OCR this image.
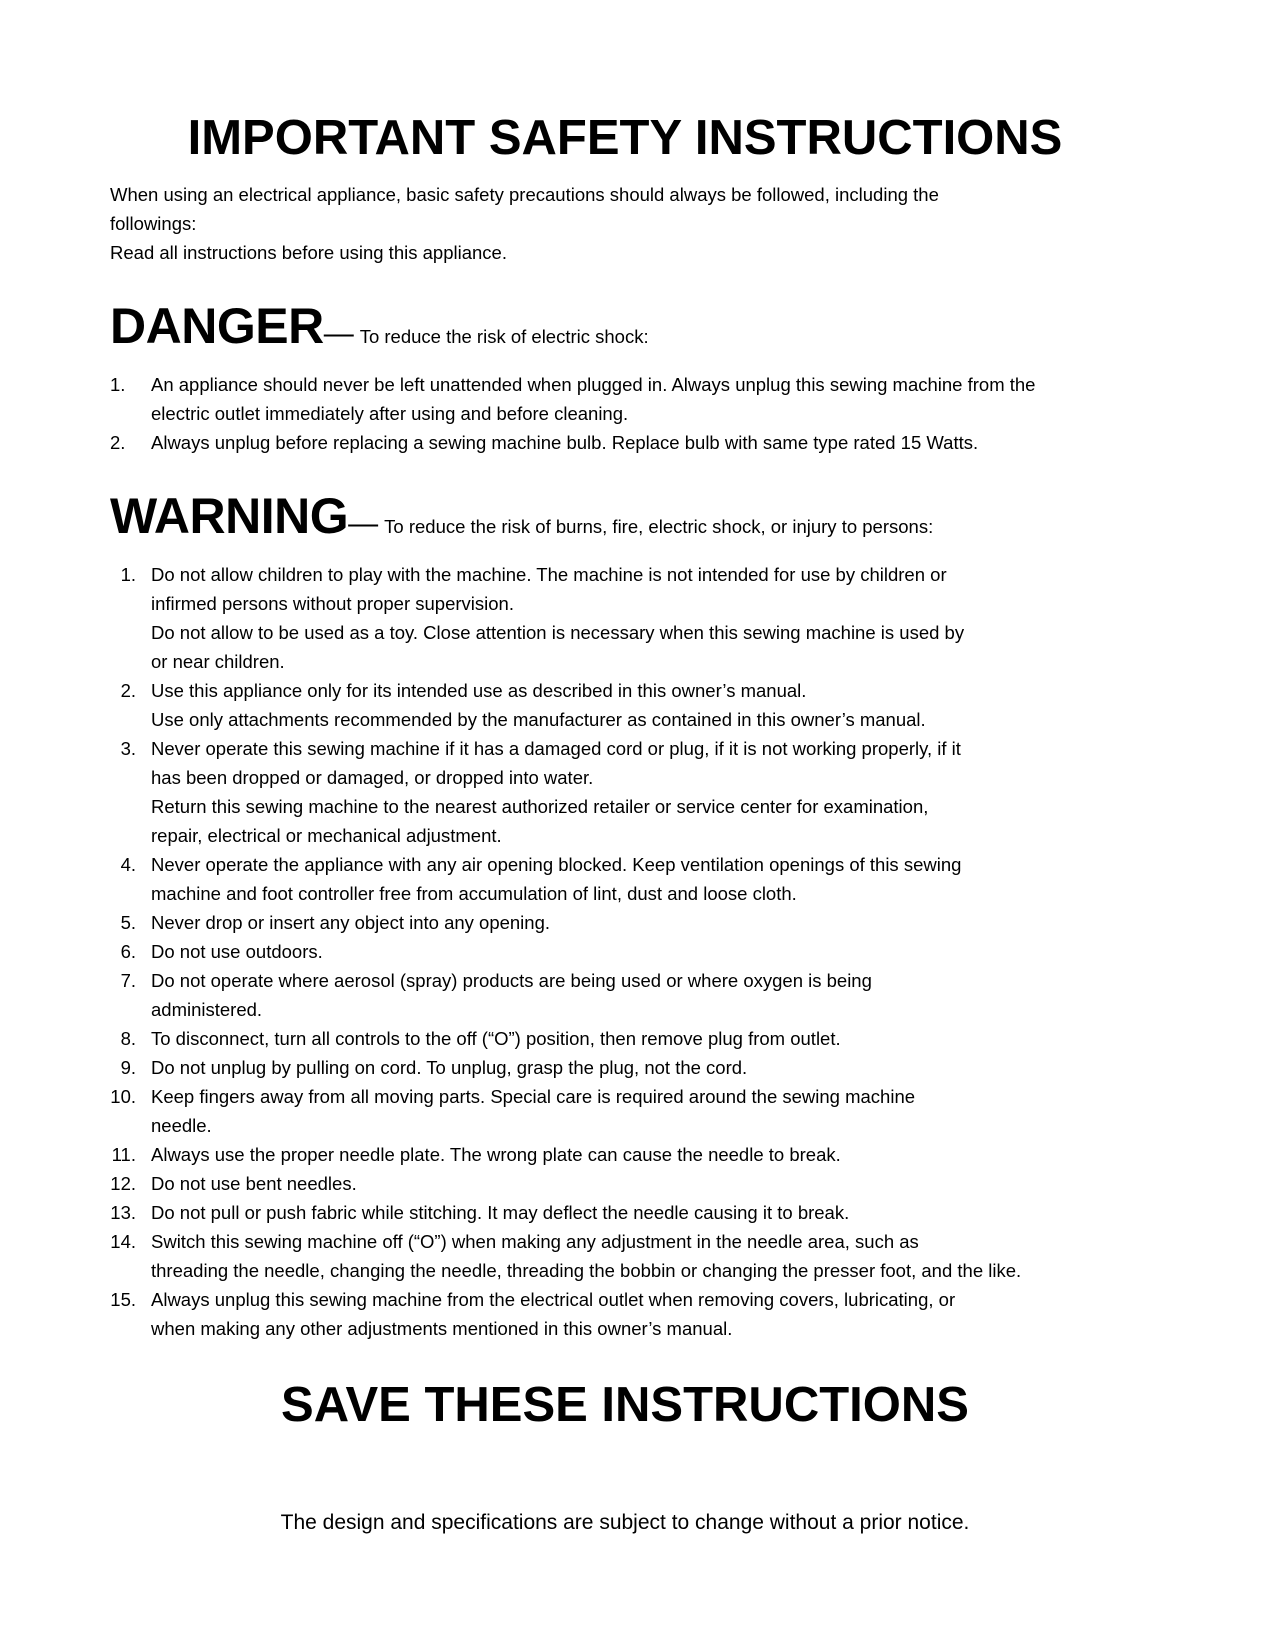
IMPORTANT SAFETY INSTRUCTIONS

When using an electrical appliance, basic safety precautions should always be followed, including the

followings:

Read all instructions before using this appliance.

DANGER— To reduce the risk of electric shock:
1. An appliance should never be left unattended when plugged in. Always unplug this sewing machine from the
electric outlet immediately after using and before cleaning.
2. Always unplug before replacing a sewing machine bulb. Replace bulb with same type rated 15 Watts.
WARNING— To reduce the risk of burns, fire, electric shock, or injury to persons:
1. Do not allow children to play with the machine. The machine is not intended for use by children or
infirmed persons without proper supervision.
Do not allow to be used as a toy. Close attention is necessary when this sewing machine is used by
or near children.
2. Use this appliance only for its intended use as described in this owner’s manual.
Use only attachments recommended by the manufacturer as contained in this owner’s manual.
3. Never operate this sewing machine if it has a damaged cord or plug, if it is not working properly, if it
has been dropped or damaged, or dropped into water.
Return this sewing machine to the nearest authorized retailer or service center for examination,
repair, electrical or mechanical adjustment.
4. Never operate the appliance with any air opening blocked. Keep ventilation openings of this sewing
machine and foot controller free from accumulation of lint, dust and loose cloth.
5. Never drop or insert any object into any opening.
6. Do not use outdoors.
7. Do not operate where aerosol (spray) products are being used or where oxygen is being
administered.
8. To disconnect, turn all controls to the off (“O”) position, then remove plug from outlet.
9. Do not unplug by pulling on cord. To unplug, grasp the plug, not the cord.
10. Keep fingers away from all moving parts. Special care is required around the sewing machine
needle.
11. Always use the proper needle plate. The wrong plate can cause the needle to break.
12. Do not use bent needles.
13. Do not pull or push fabric while stitching. It may deflect the needle causing it to break.
14. Switch this sewing machine off (“O”) when making any adjustment in the needle area, such as
threading the needle, changing the needle, threading the bobbin or changing the presser foot, and the like.
15. Always unplug this sewing machine from the electrical outlet when removing covers, lubricating, or
when making any other adjustments mentioned in this owner’s manual.
SAVE THESE INSTRUCTIONS
The design and specifications are subject to change without a prior notice.
